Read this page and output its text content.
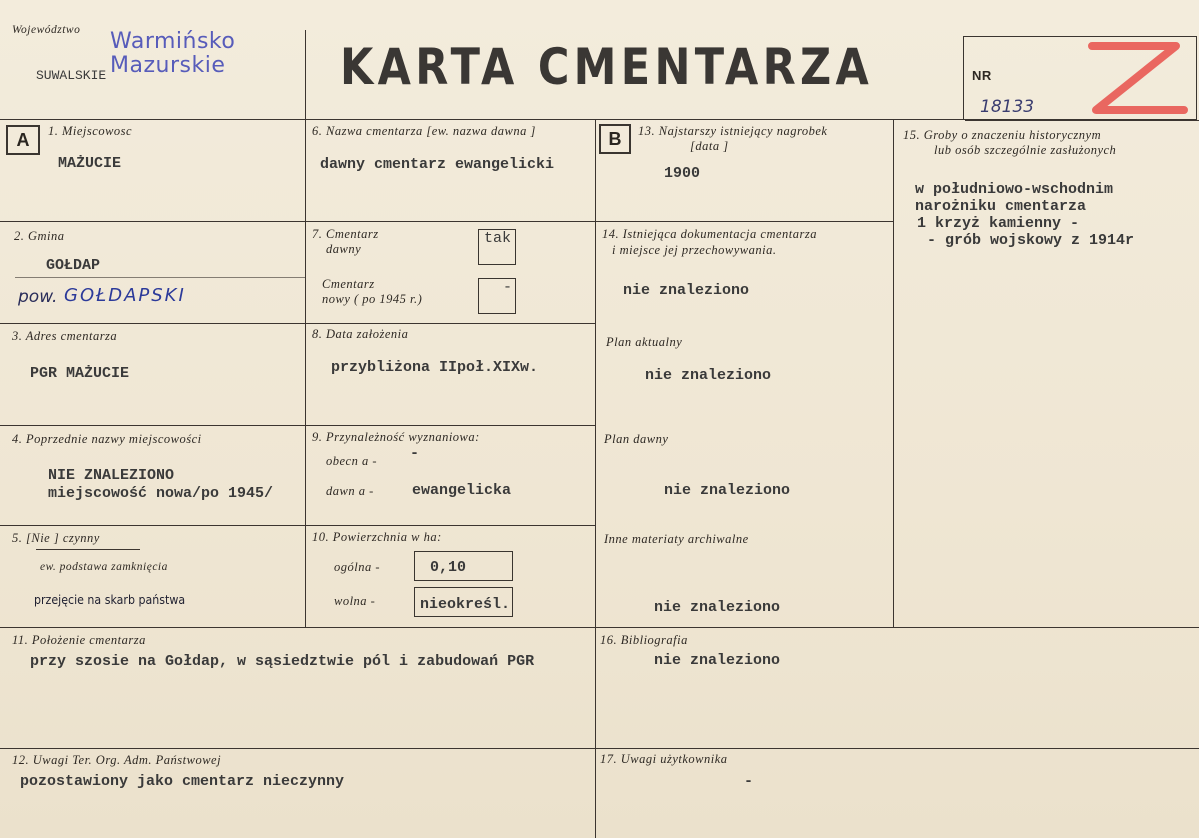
Województwo
SUWALSKIE
Warmińsko
Mazurskie KARTA CMENTARZA	NR
18133
A	1. Miejscowosc
MAŻUCIE
2. Gmina
GOŁDAP
pow. GOŁDAPSKI
3. Adres cmentarza
PGR MAŻUCIE
4. Poprzednie nazwy miejscowości
NIE ZNALEZIONO
miejscowość nowa/po 1945/
5. [Nie ] czynny
ew. podstawa zamknięcia
przejęcie na skarb państwa
6. Nazwa cmentarza [ew. nazwa dawna ]
dawny cmentarz ewangelicki
7. Cmentarz
dawny
tak
Cmentarz
nowy ( po 1945 r.)
-
8. Data założenia
przybliżona IIpoł.XIXw.
9. Przynależność wyznaniowa:
obecn a - -
dawn a -	ewangelicka
10. Powierzchnia w ha:
ogólna -	0,10
wolna -	nieokreśl.
B	13. Najstarszy istniejący nagrobek
[data ]
1900
14. Istniejąca dokumentacja cmentarza
i miejsce jej przechowywania.
nie znaleziono
Plan aktualny
nie znaleziono
Plan dawny
nie znaleziono
Inne materiaty archiwalne
nie znaleziono
15. Groby o znaczeniu historycznym
lub osób szczególnie zasłużonych
w południowo-wschodnim
narożniku cmentarza
1 krzyż kamienny -
- grób wojskowy z 1914r
11. Położenie cmentarza
przy szosie na Gołdap, w sąsiedztwie pól i zabudowań PGR
16. Bibliografia
nie znaleziono
12. Uwagi Ter. Org. Adm. Państwowej
pozostawiony jako cmentarz nieczynny
17. Uwagi użytkownika
-
